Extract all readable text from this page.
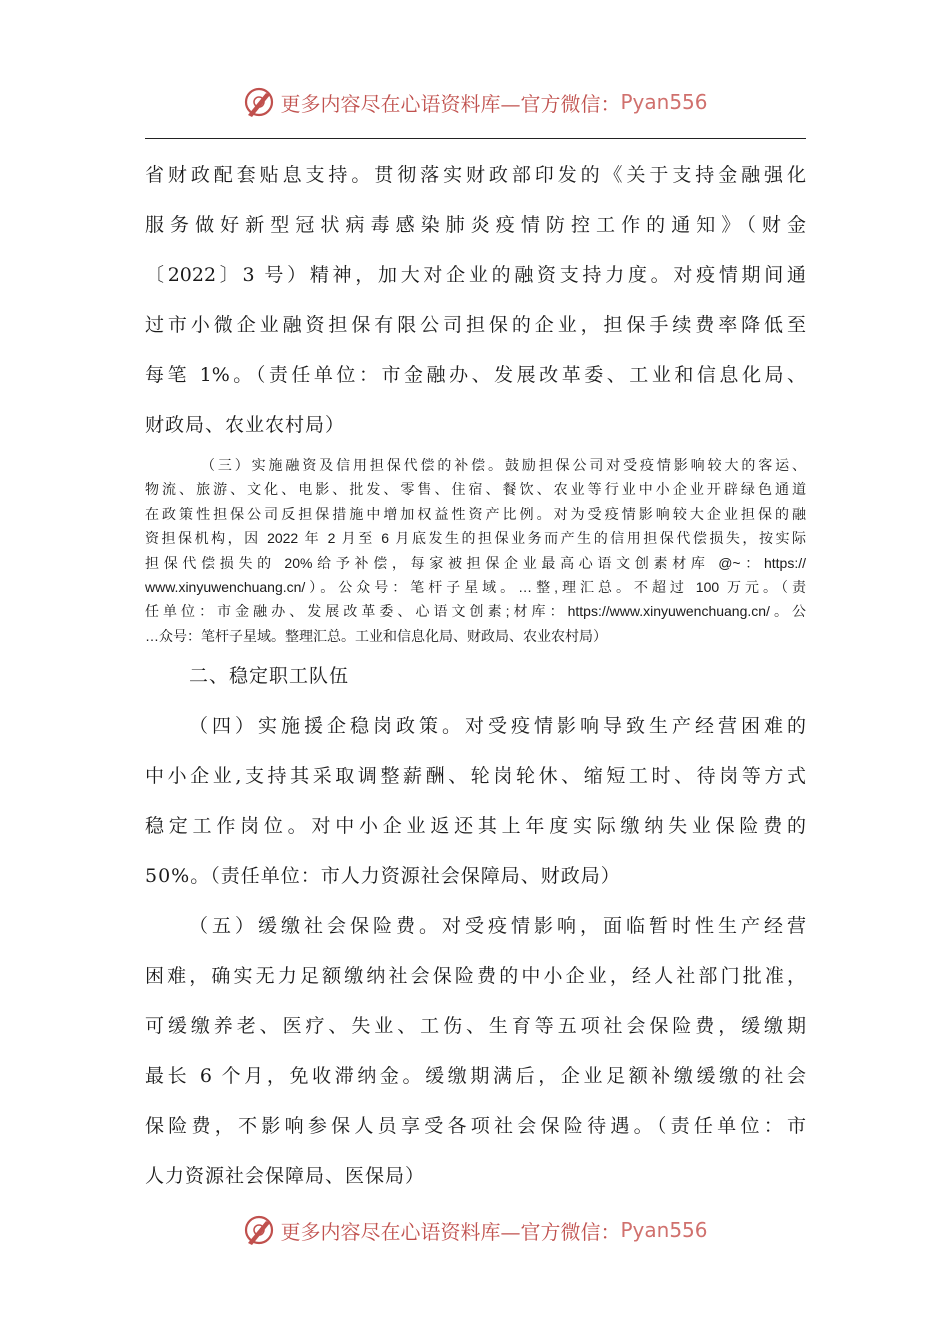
更多内容尽在心语资料库—官方微信： Pyan556
省财政配套贴息支持。贯彻落实财政部印发的《关于支持金融强化
服务做好新型冠状病毒感染肺炎疫情防控工作的通知》（财金
〔2022〕3 号）精神，加大对企业的融资支持力度。对疫情期间通
过市小微企业融资担保有限公司担保的企业，担保手续费率降低至
每笔 1%。（责任单位：市金融办、发展改革委、工业和信息化局、
财政局、农业农村局）
（三）实施融资及信用担保代偿的补偿。鼓励担保公司对受疫情影响较大的客运、
物流、旅游、文化、电影、批发、零售、住宿、餐饮、农业等行业中小企业开辟绿色通道
在政策性担保公司反担保措施中增加权益性资产比例。对为受疫情影响较大企业担保的融
资担保机构，因 2022 年 2 月至 6 月底发生的担保业务而产生的信用担保代偿损失，按实际
担保代偿损失的 20%给予补偿，每家被担保企业最高心语文创素材库 @~：https://
www.xinyuwenchuang.cn/）。公众号：笔杆子星域。…整,理汇总。不超过 100 万元。（责
任单位：市金融办、发展改革委、心语文创素;材库：https://www.xinyuwenchuang.cn/。公
…众号：笔杆子星域。整理汇总。工业和信息化局、财政局、农业农村局）
二、稳定职工队伍
（四）实施援企稳岗政策。对受疫情影响导致生产经营困难的
中小企业,支持其采取调整薪酬、轮岗轮休、缩短工时、待岗等方式
稳定工作岗位。对中小企业返还其上年度实际缴纳失业保险费的
50%。（责任单位：市人力资源社会保障局、财政局）
（五）缓缴社会保险费。对受疫情影响，面临暂时性生产经营
困难，确实无力足额缴纳社会保险费的中小企业，经人社部门批准，
可缓缴养老、医疗、失业、工伤、生育等五项社会保险费，缓缴期
最长 6 个月，免收滞纳金。缓缴期满后，企业足额补缴缓缴的社会
保险费，不影响参保人员享受各项社会保险待遇。（责任单位：市
人力资源社会保障局、医保局）
更多内容尽在心语资料库—官方微信： Pyan556
